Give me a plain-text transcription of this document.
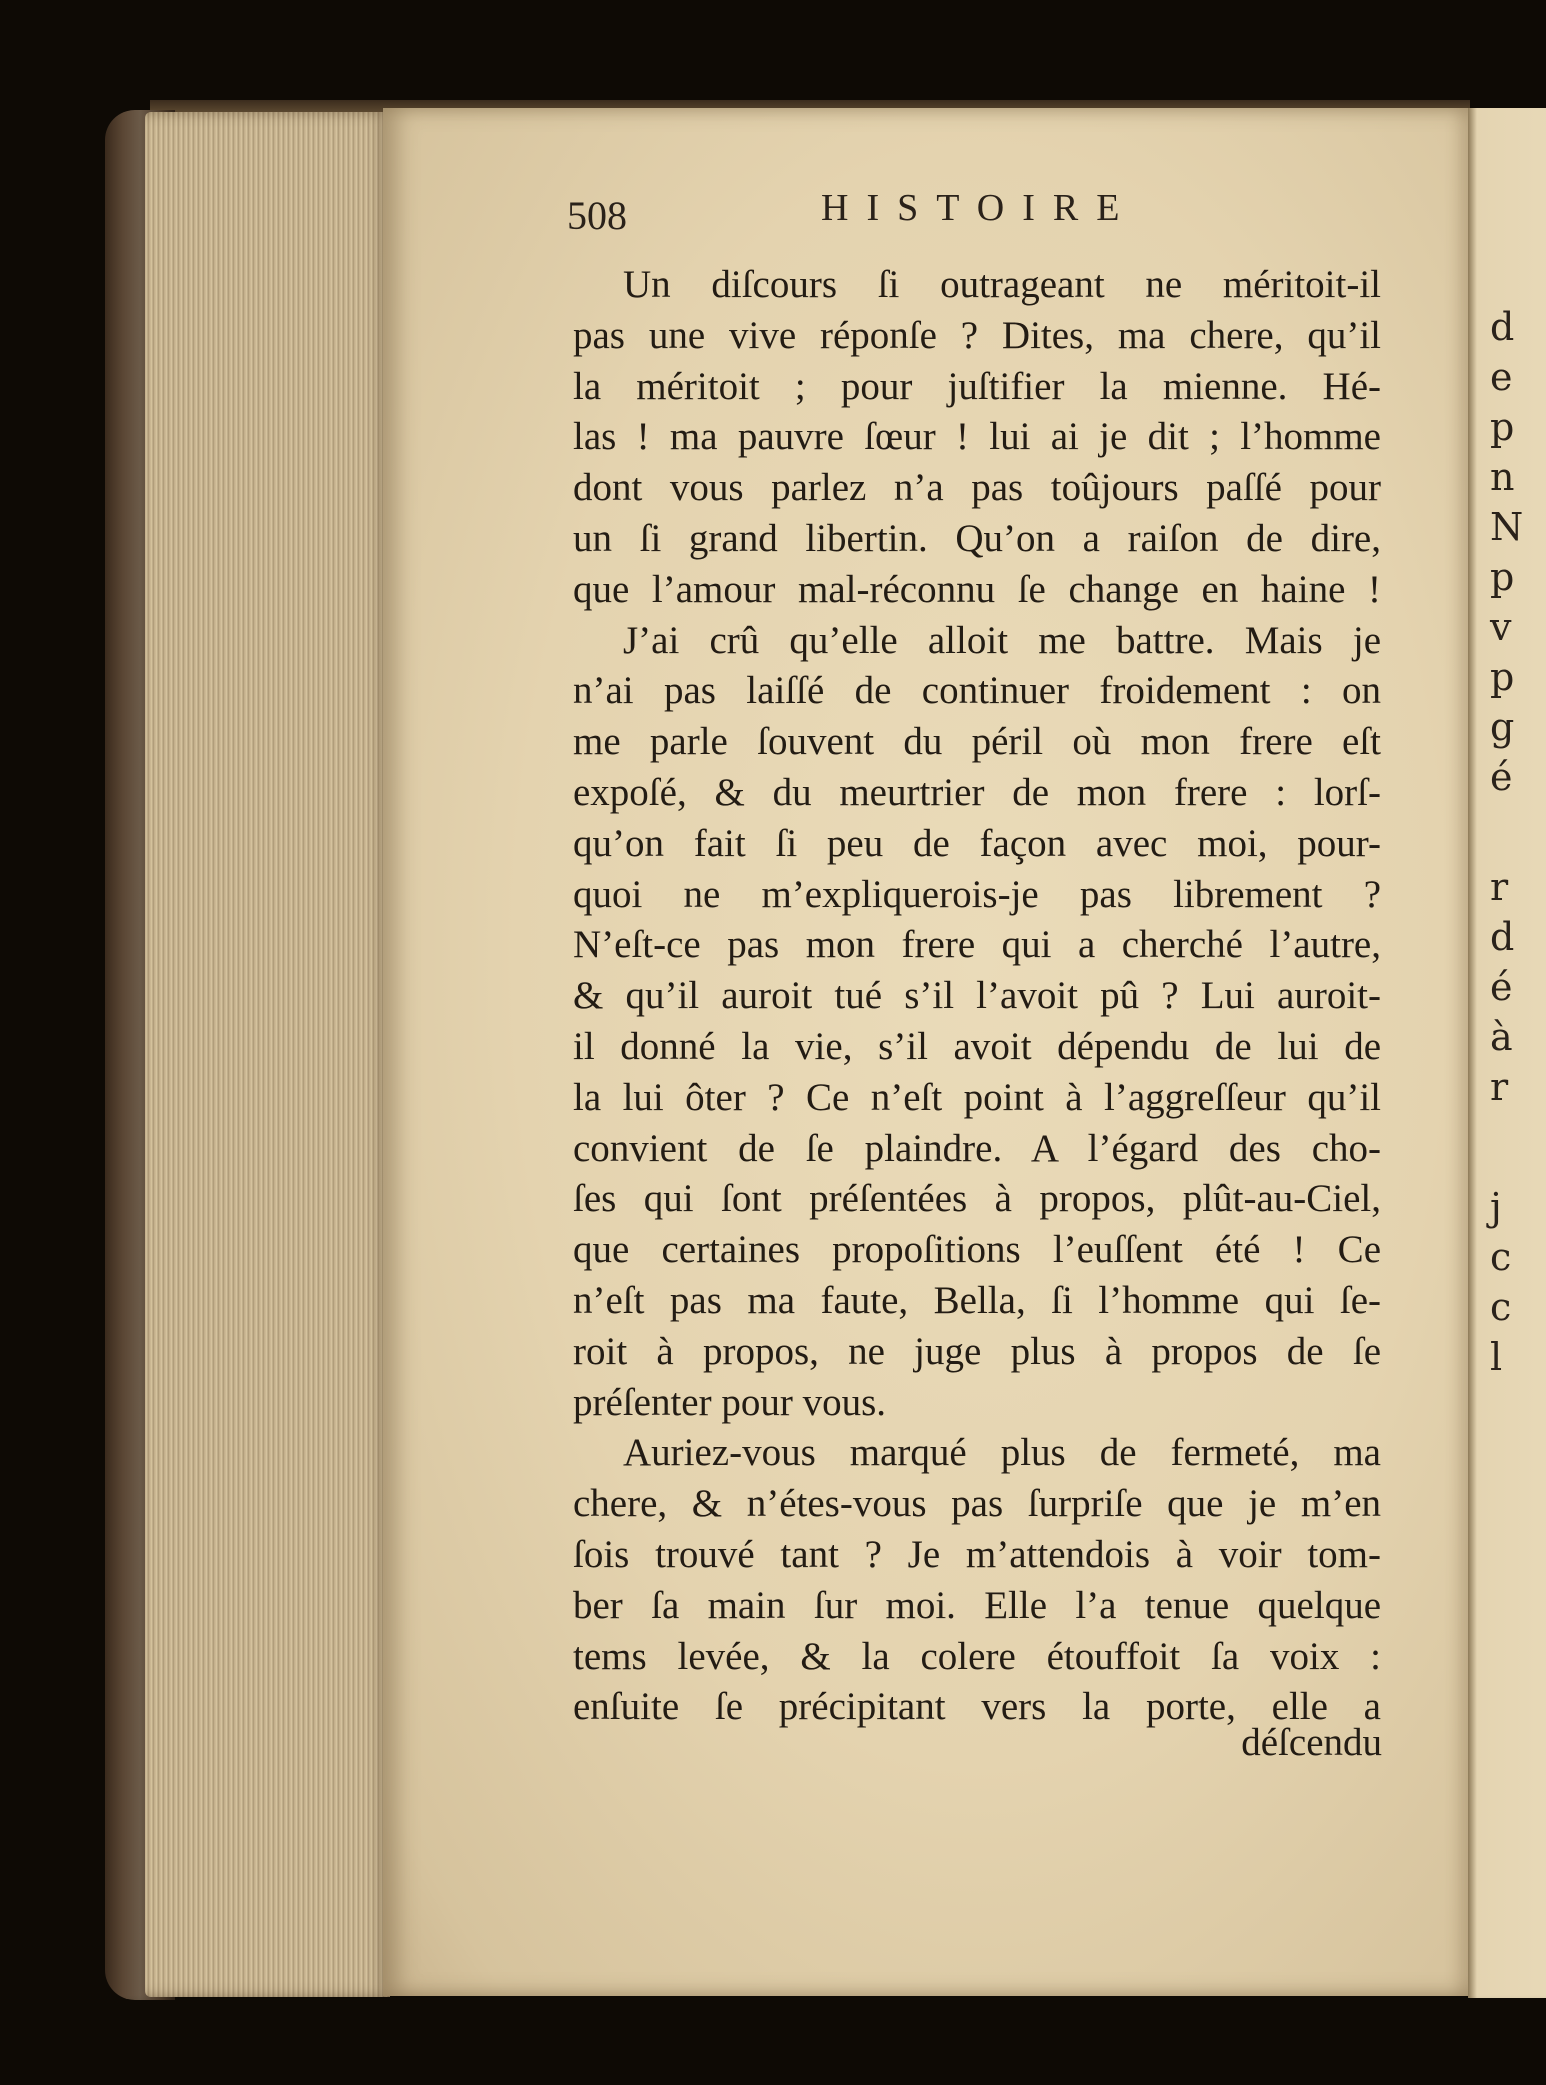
d
e
p
n
N
p
v
p
g
é
r
d
é
à
r
j
c
c
l

508	HISTOIRE

Un diſcours ſi outrageant ne méritoit-il
pas une vive réponſe ? Dites, ma chere, qu’il
la méritoit ; pour juſtifier la mienne. Hé-
las ! ma pauvre ſœur ! lui ai je dit ; l’homme
dont vous parlez n’a pas toûjours paſſé pour
un ſi grand libertin. Qu’on a raiſon de dire,
que l’amour mal-réconnu ſe change en haine !
J’ai crû qu’elle alloit me battre. Mais je
n’ai pas laiſſé de continuer froidement : on
me parle ſouvent du péril où mon frere eſt
expoſé, & du meurtrier de mon frere : lorſ-
qu’on fait ſi peu de façon avec moi, pour-
quoi ne m’expliquerois-je pas librement ?
N’eſt-ce pas mon frere qui a cherché l’autre,
& qu’il auroit tué s’il l’avoit pû ? Lui auroit-
il donné la vie, s’il avoit dépendu de lui de
la lui ôter ? Ce n’eſt point à l’aggreſſeur qu’il
convient de ſe plaindre. A l’égard des cho-
ſes qui ſont préſentées à propos, plût-au-Ciel,
que certaines propoſitions l’euſſent été ! Ce
n’eſt pas ma faute, Bella, ſi l’homme qui ſe-
roit à propos, ne juge plus à propos de ſe
préſenter pour vous.
Auriez-vous marqué plus de fermeté, ma
chere, & n’étes-vous pas ſurpriſe que je m’en
ſois trouvé tant ? Je m’attendois à voir tom-
ber ſa main ſur moi. Elle l’a tenue quelque
tems levée, & la colere étouffoit ſa voix :
enſuite ſe précipitant vers la porte, elle a

déſcendu
